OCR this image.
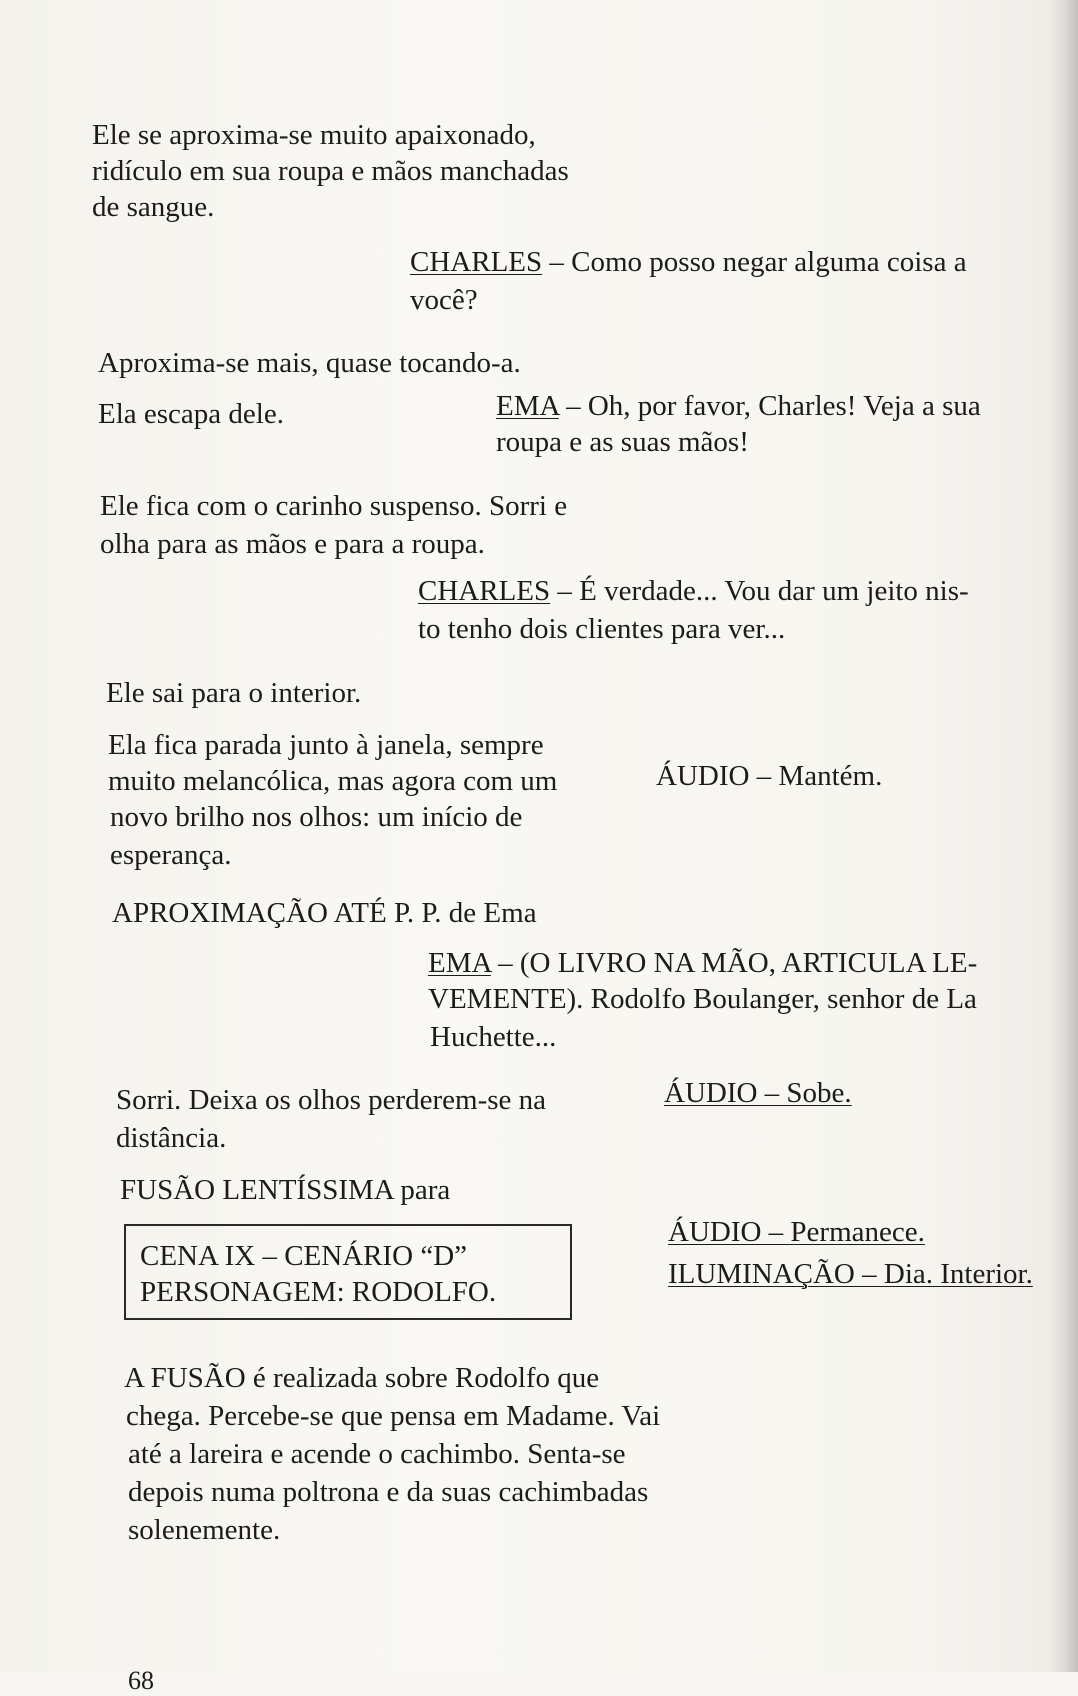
Ele se aproxima-se muito apaixonado,

ridículo em sua roupa e mãos manchadas

de sangue.

CHARLES – Como posso negar alguma coisa a

você?

Aproxima-se mais, quase tocando-a.

Ela escapa dele.	EMA – Oh, por favor, Charles! Veja a sua

roupa e as suas mãos!

Ele fica com o carinho suspenso. Sorri e

olha para as mãos e para a roupa.

CHARLES – É verdade... Vou dar um jeito nis-

to tenho dois clientes para ver...

Ele sai para o interior.

Ela fica parada junto à janela, sempre

muito melancólica, mas agora com um

novo brilho nos olhos: um início de

esperança.

ÁUDIO – Mantém.

APROXIMAÇÃO ATÉ P. P. de Ema

EMA – (O LIVRO NA MÃO, ARTICULA LE-

VEMENTE). Rodolfo Boulanger, senhor de La

Huchette...

Sorri. Deixa os olhos perderem-se na

distância.

ÁUDIO – Sobe.

FUSÃO LENTÍSSIMA para

CENA IX – CENÁRIO “D”

PERSONAGEM: RODOLFO.

ÁUDIO – Permanece.

ILUMINAÇÃO – Dia. Interior.

A FUSÃO é realizada sobre Rodolfo que

chega. Percebe-se que pensa em Madame. Vai

até a lareira e acende o cachimbo. Senta-se

depois numa poltrona e da suas cachimbadas

solenemente.

68
